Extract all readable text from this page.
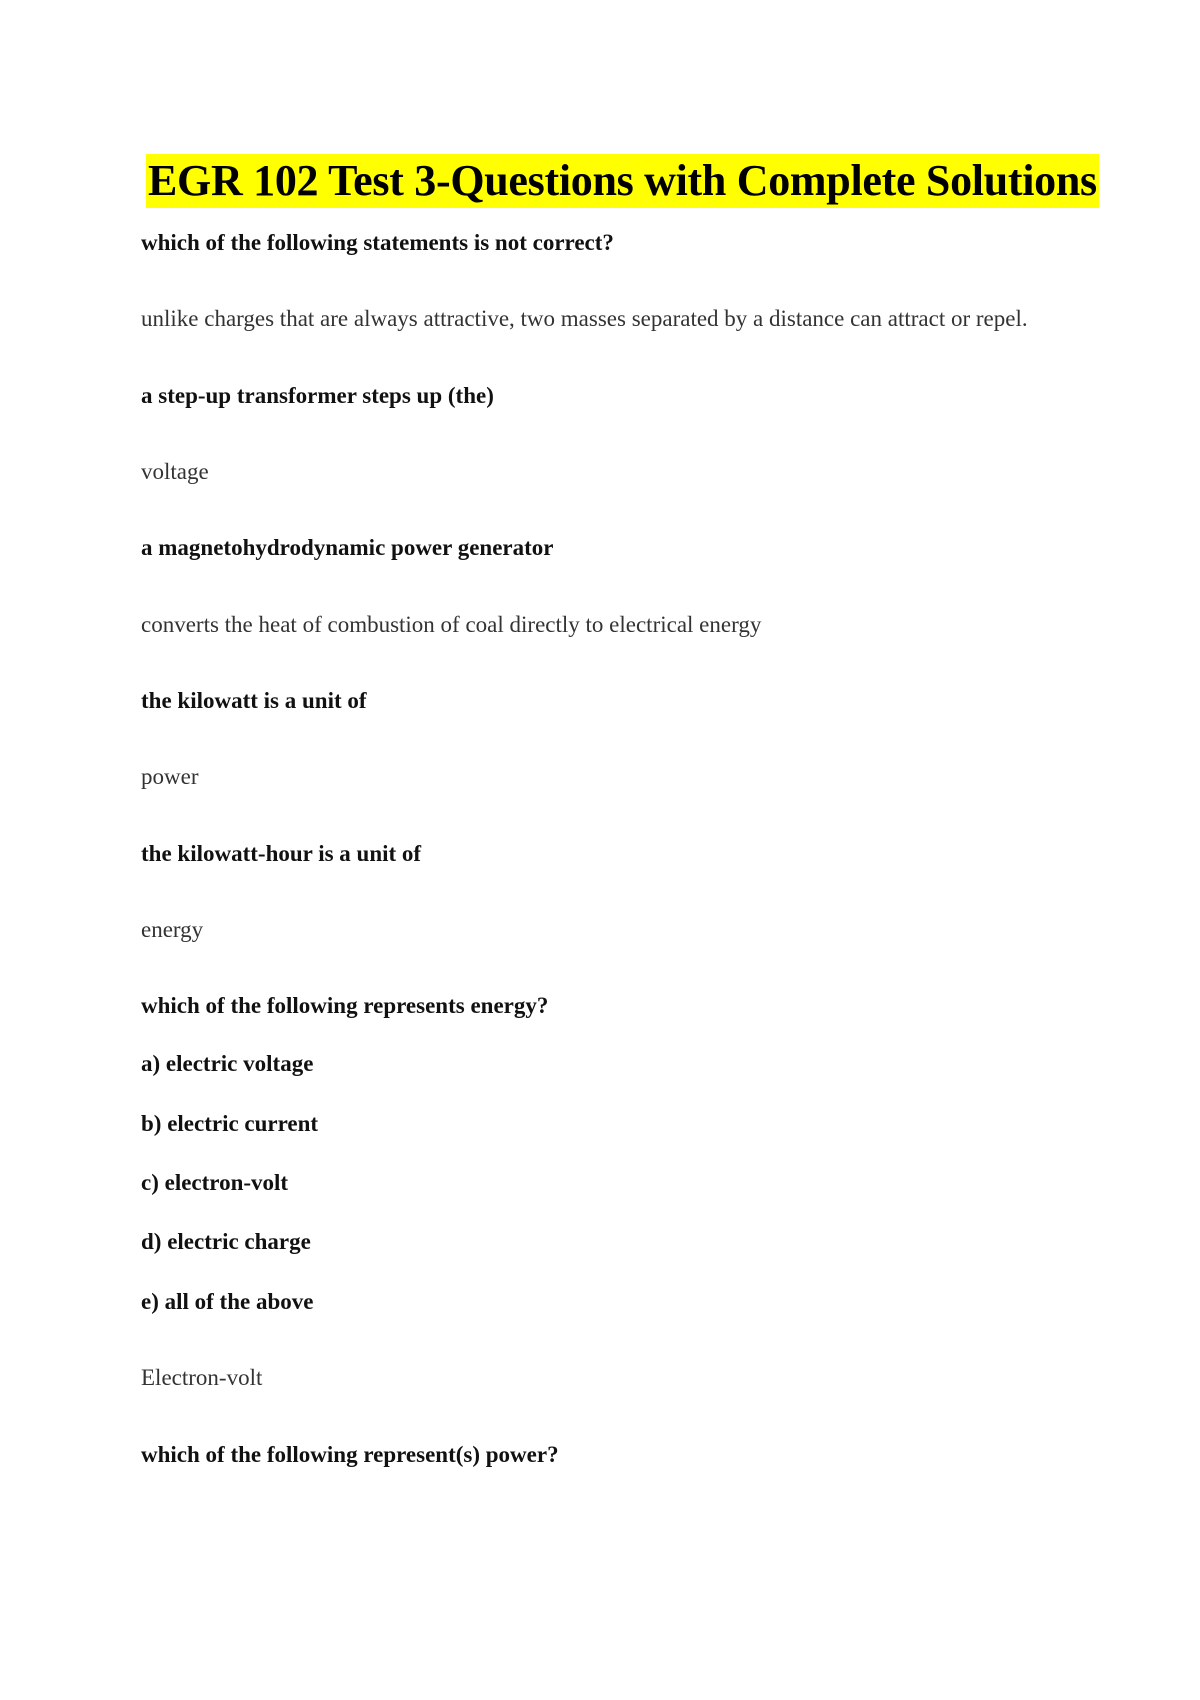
EGR 102 Test 3-Questions with Complete Solutions
which of the following statements is not correct?
unlike charges that are always attractive, two masses separated by a distance can attract or repel.
a step-up transformer steps up (the)
voltage
a magnetohydrodynamic power generator
converts the heat of combustion of coal directly to electrical energy
the kilowatt is a unit of
power
the kilowatt-hour is a unit of
energy
which of the following represents energy?
a) electric voltage
b) electric current
c) electron-volt
d) electric charge
e) all of the above
Electron-volt
which of the following represent(s) power?
